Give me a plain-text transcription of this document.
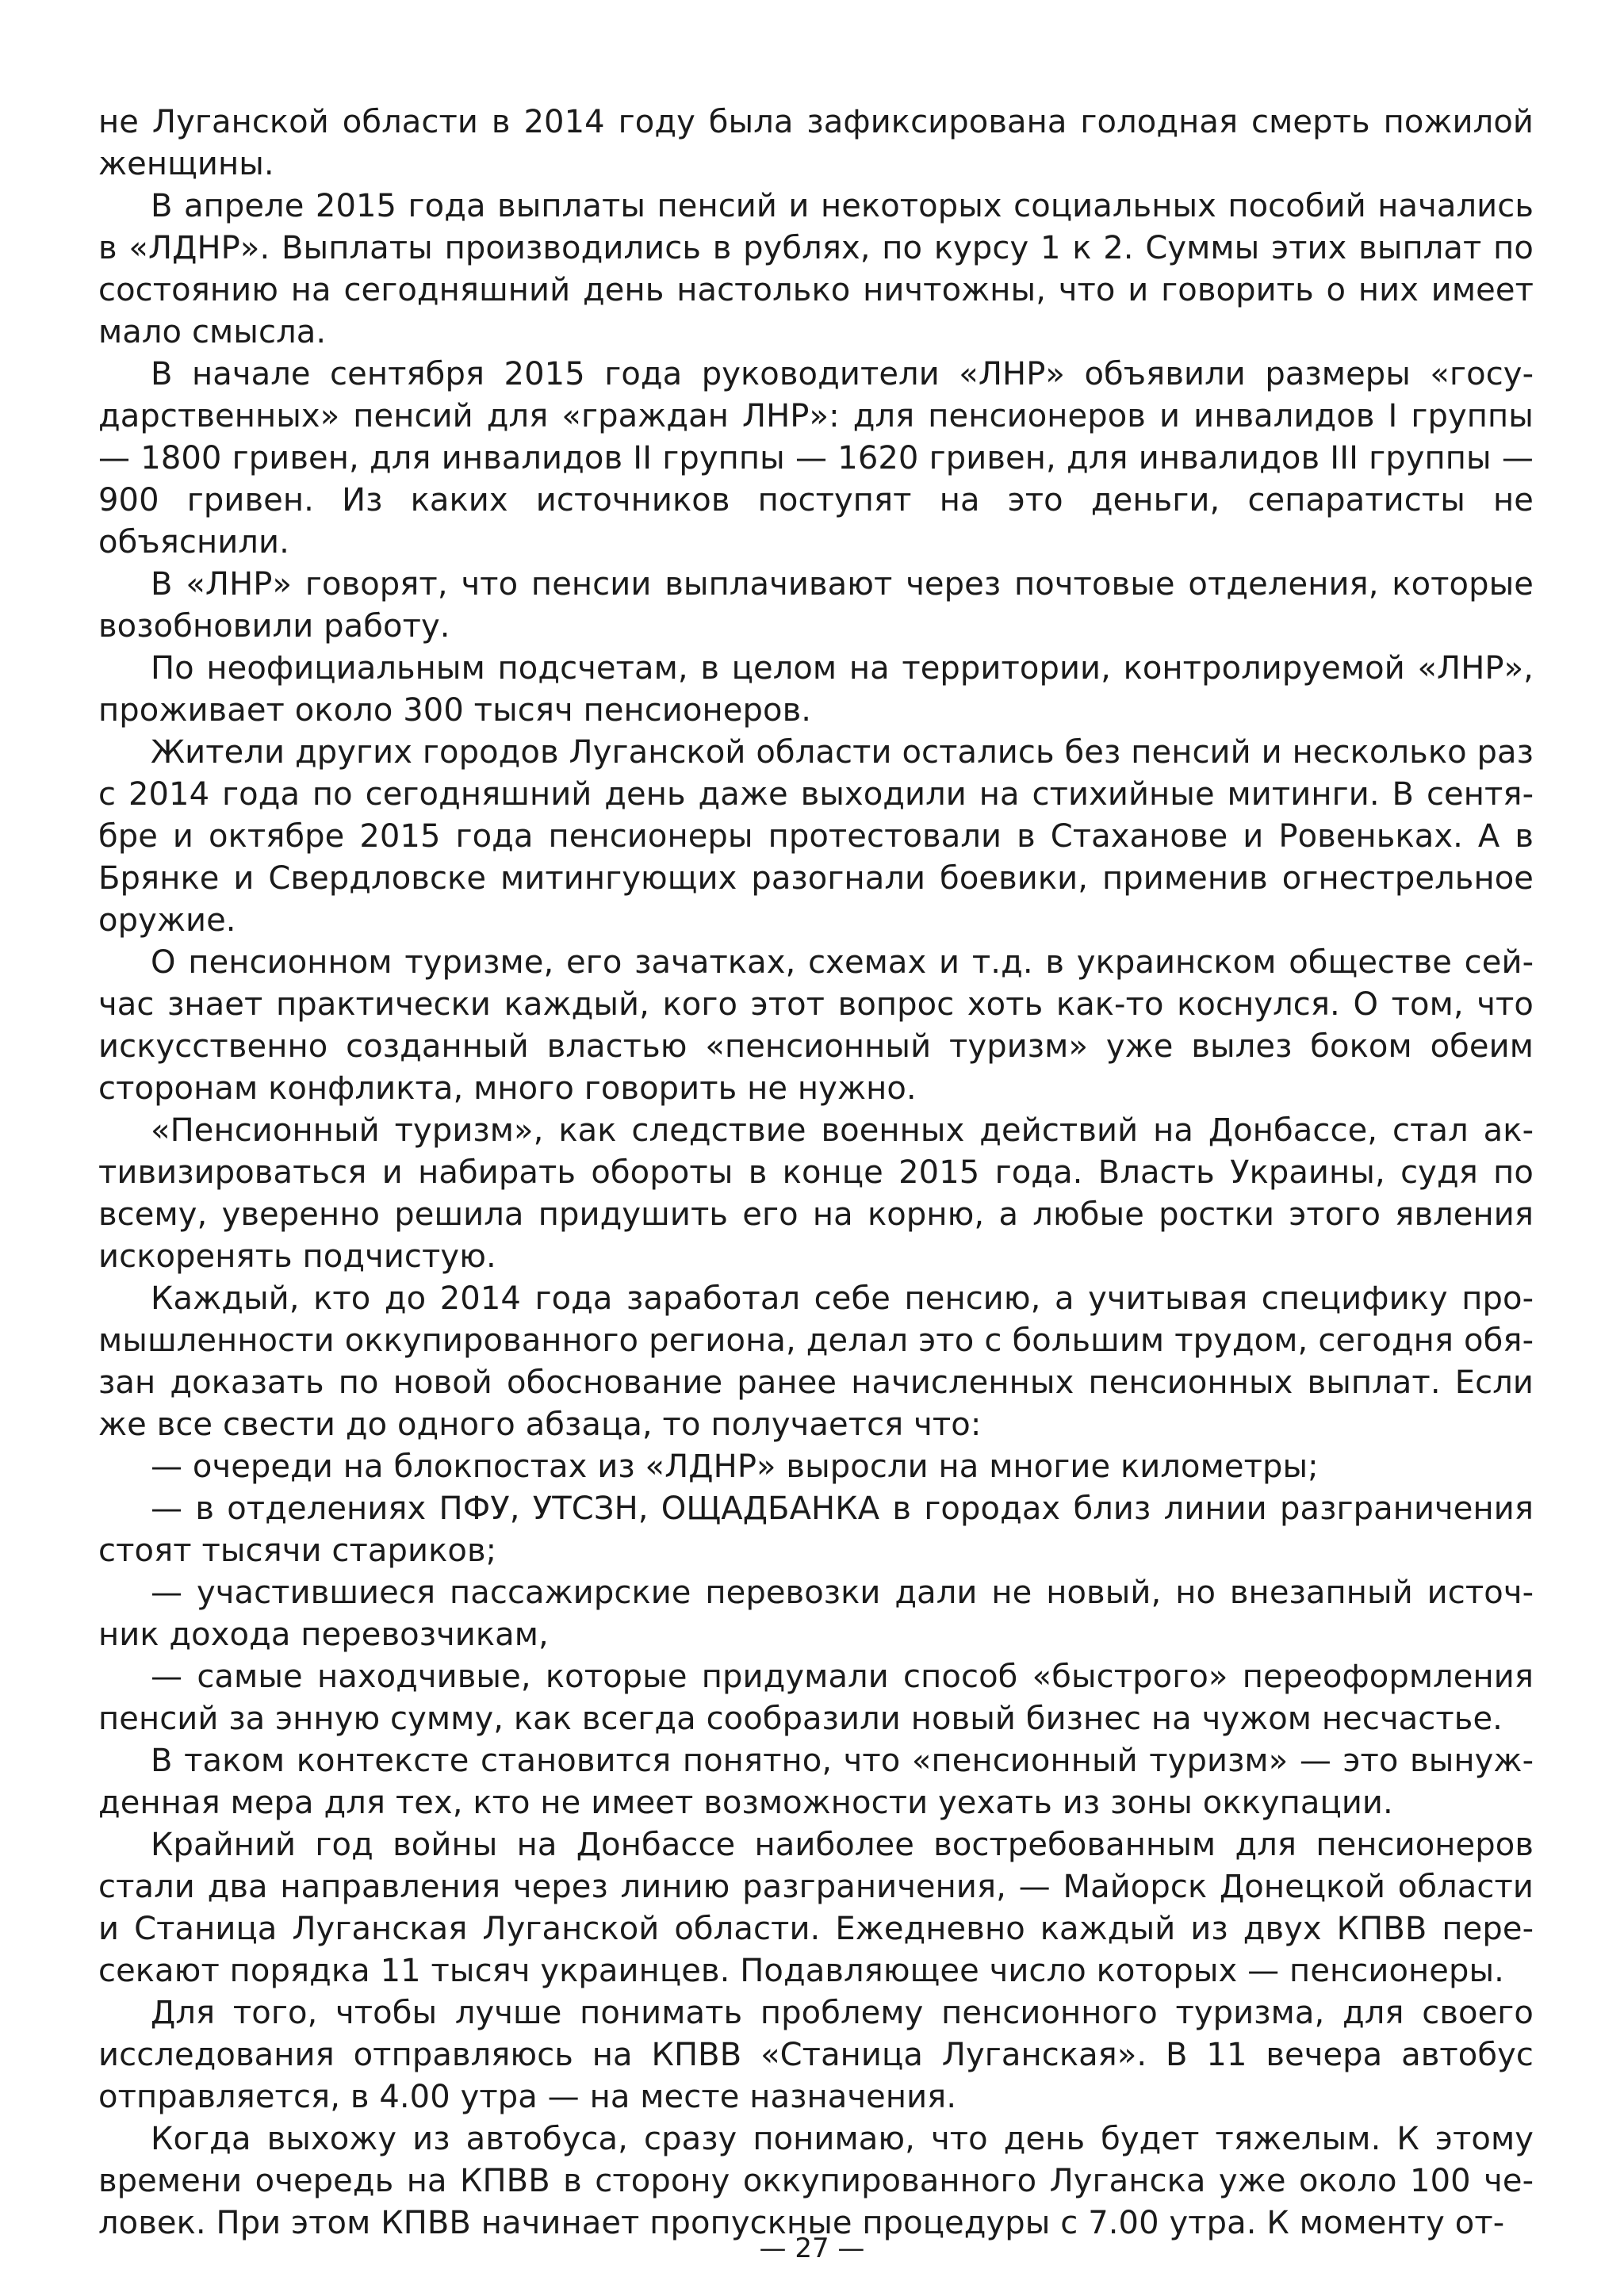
не Луганской области в 2014 году была зафиксирована голодная смерть пожилой женщины.

В апреле 2015 года выплаты пенсий и некоторых социальных пособий начались в «ЛДНР». Выплаты производились в рублях, по курсу 1 к 2. Суммы этих выплат по состоянию на сегодняшний день настолько ничтожны, что и говорить о них имеет мало смысла.

В начале сентября 2015 года руководители «ЛНР» объявили размеры «государственных» пенсий для «граждан ЛНР»: для пенсионеров и инвалидов I группы — 1800 гривен, для инвалидов II группы — 1620 гривен, для инвалидов III группы — 900 гривен. Из каких источников поступят на это деньги, сепаратисты не объяснили.

В «ЛНР» говорят, что пенсии выплачивают через почтовые отделения, которые возобновили работу.

По неофициальным подсчетам, в целом на территории, контролируемой «ЛНР», проживает около 300 тысяч пенсионеров.

Жители других городов Луганской области остались без пенсий и несколько раз с 2014 года по сегодняшний день даже выходили на стихийные митинги. В сентябре и октябре 2015 года пенсионеры протестовали в Стаханове и Ровеньках. А в Брянке и Свердловске митингующих разогнали боевики, применив огнестрельное оружие.

О пенсионном туризме, его зачатках, схемах и т.д. в украинском обществе сейчас знает практически каждый, кого этот вопрос хоть как-то коснулся. О том, что искусственно созданный властью «пенсионный туризм» уже вылез боком обеим сторонам конфликта, много говорить не нужно.

«Пенсионный туризм», как следствие военных действий на Донбассе, стал активизироваться и набирать обороты в конце 2015 года. Власть Украины, судя по всему, уверенно решила придушить его на корню, а любые ростки этого явления искоренять подчистую.

Каждый, кто до 2014 года заработал себе пенсию, а учитывая специфику промышленности оккупированного региона, делал это с большим трудом, сегодня обязан доказать по новой обоснование ранее начисленных пенсионных выплат. Если же все свести до одного абзаца, то получается что:

— очереди на блокпостах из «ЛДНР» выросли на многие километры;

— в отделениях ПФУ, УТСЗН, ОЩАДБАНКА в городах близ линии разграничения стоят тысячи стариков;

— участившиеся пассажирские перевозки дали не новый, но внезапный источник дохода перевозчикам,

— самые находчивые, которые придумали способ «быстрого» переоформления пенсий за энную сумму, как всегда сообразили новый бизнес на чужом несчастье.

В таком контексте становится понятно, что «пенсионный туризм» — это вынужденная мера для тех, кто не имеет возможности уехать из зоны оккупации.

Крайний год войны на Донбассе наиболее востребованным для пенсионеров стали два направления через линию разграничения, — Майорск Донецкой области и Станица Луганская Луганской области. Ежедневно каждый из двух КПВВ пересекают порядка 11 тысяч украинцев. Подавляющее число которых — пенсионеры.

Для того, чтобы лучше понимать проблему пенсионного туризма, для своего исследования отправляюсь на КПВВ «Станица Луганская». В 11 вечера автобус отправляется, в 4.00 утра — на месте назначения.

Когда выхожу из автобуса, сразу понимаю, что день будет тяжелым. К этому времени очередь на КПВВ в сторону оккупированного Луганска уже около 100 человек. При этом КПВВ начинает пропускные процедуры с 7.00 утра. К моменту от-

— 27 —
